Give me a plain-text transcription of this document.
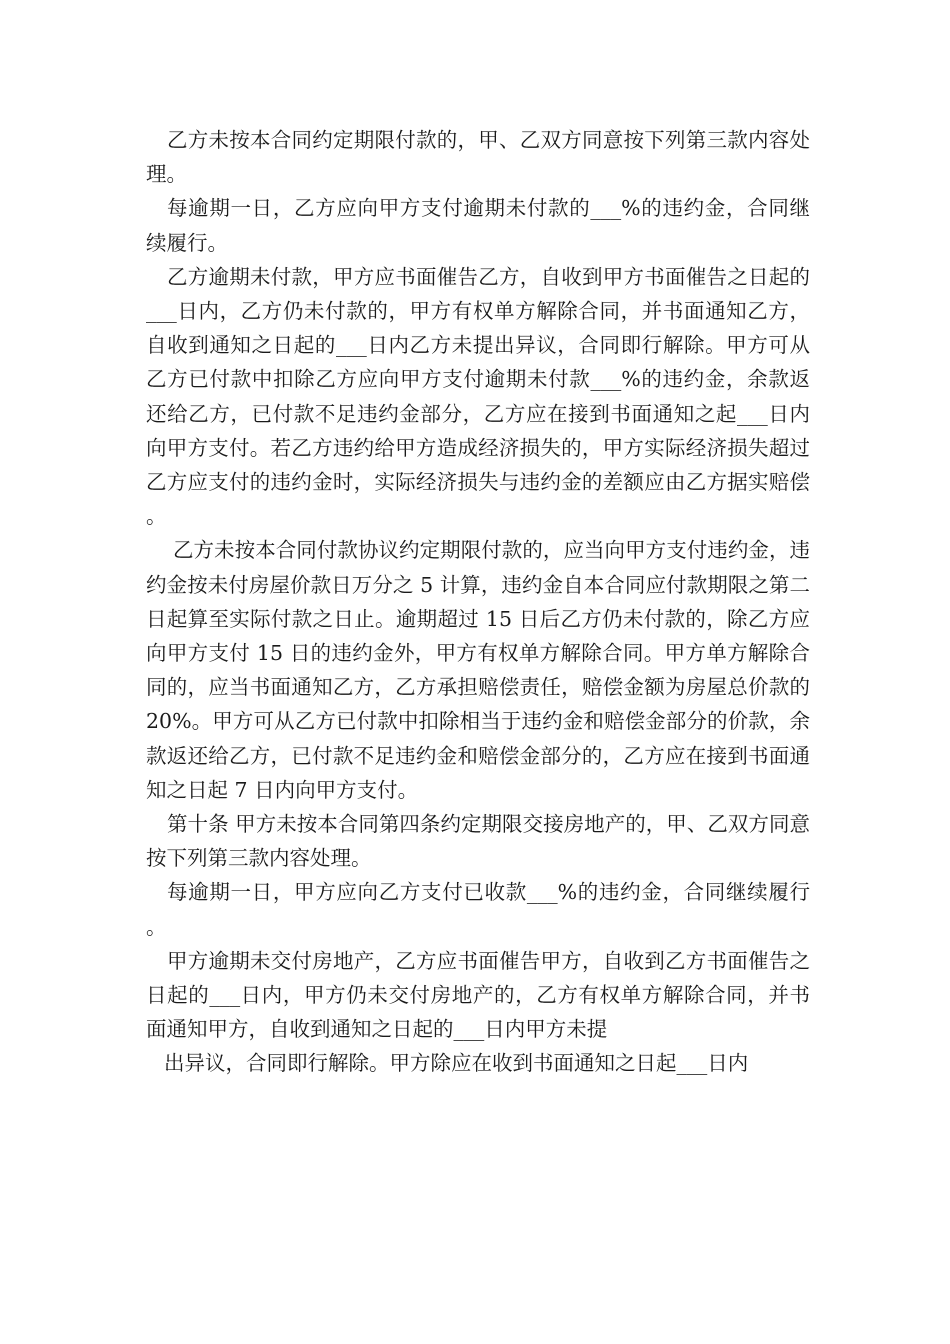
乙方未按本合同约定期限付款的，甲、乙双方同意按下列第三款内容处理。

每逾期一日，乙方应向甲方支付逾期未付款的___%的违约金，合同继续履行。

乙方逾期未付款，甲方应书面催告乙方，自收到甲方书面催告之日起的___日内，乙方仍未付款的，甲方有权单方解除合同，并书面通知乙方，自收到通知之日起的___日内乙方未提出异议，合同即行解除。甲方可从乙方已付款中扣除乙方应向甲方支付逾期未付款___%的违约金，余款返还给乙方，已付款不足违约金部分，乙方应在接到书面通知之起___日内向甲方支付。若乙方违约给甲方造成经济损失的，甲方实际经济损失超过乙方应支付的违约金时，实际经济损失与违约金的差额应由乙方据实赔偿。

乙方未按本合同付款协议约定期限付款的，应当向甲方支付违约金，违约金按未付房屋价款日万分之 5 计算，违约金自本合同应付款期限之第二日起算至实际付款之日止。逾期超过 15 日后乙方仍未付款的，除乙方应向甲方支付 15 日的违约金外，甲方有权单方解除合同。甲方单方解除合同的，应当书面通知乙方，乙方承担赔偿责任，赔偿金额为房屋总价款的 20%。甲方可从乙方已付款中扣除相当于违约金和赔偿金部分的价款，余款返还给乙方，已付款不足违约金和赔偿金部分的，乙方应在接到书面通知之日起 7 日内向甲方支付。

第十条 甲方未按本合同第四条约定期限交接房地产的，甲、乙双方同意按下列第三款内容处理。

每逾期一日，甲方应向乙方支付已收款___%的违约金，合同继续履行。

甲方逾期未交付房地产，乙方应书面催告甲方，自收到乙方书面催告之日起的___日内，甲方仍未交付房地产的，乙方有权单方解除合同，并书面通知甲方，自收到通知之日起的___日内甲方未提

出异议，合同即行解除。甲方除应在收到书面通知之日起___日内
